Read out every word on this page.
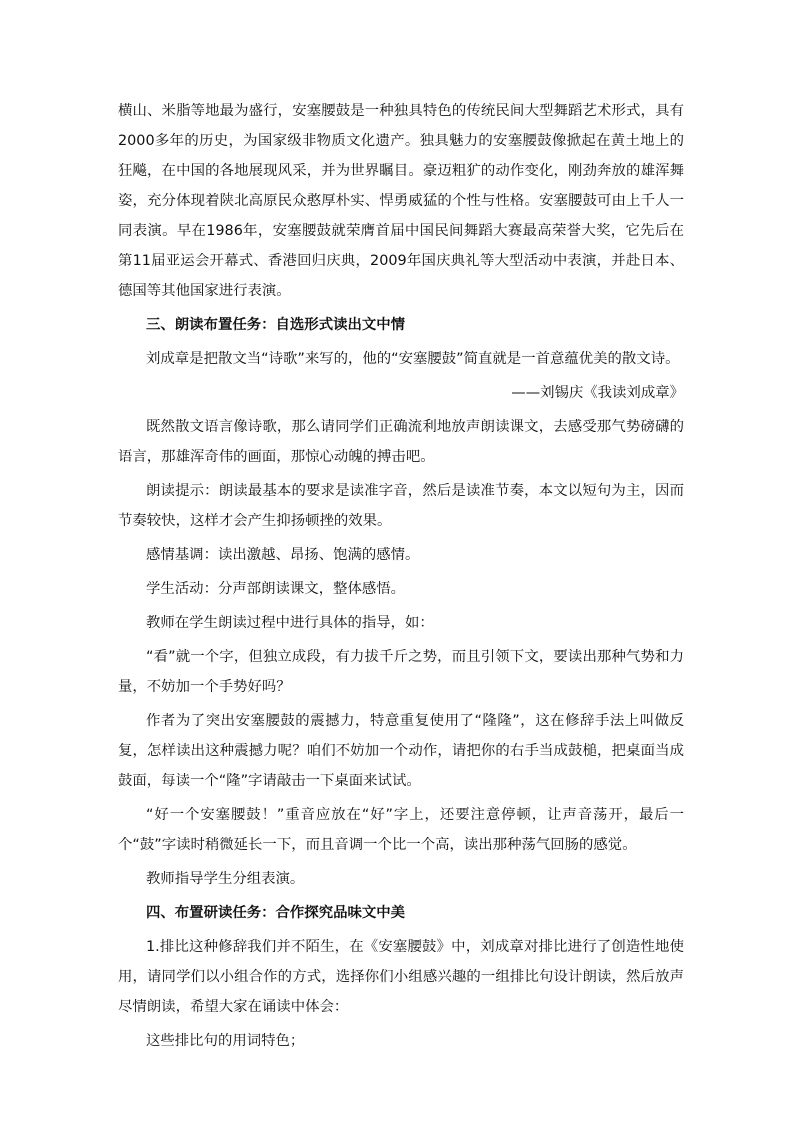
横山、米脂等地最为盛行，安塞腰鼓是一种独具特色的传统民间大型舞蹈艺术形式，具有2000多年的历史，为国家级非物质文化遗产。独具魅力的安塞腰鼓像掀起在黄土地上的狂飚，在中国的各地展现风采，并为世界瞩目。豪迈粗犷的动作变化，刚劲奔放的雄浑舞姿，充分体现着陕北高原民众憨厚朴实、悍勇威猛的个性与性格。安塞腰鼓可由上千人一同表演。早在1986年，安塞腰鼓就荣膺首届中国民间舞蹈大赛最高荣誉大奖，它先后在第11届亚运会开幕式、香港回归庆典，2009年国庆典礼等大型活动中表演，并赴日本、德国等其他国家进行表演。

三、朗读布置任务：自选形式读出文中情

刘成章是把散文当“诗歌”来写的，他的“安塞腰鼓”简直就是一首意蕴优美的散文诗。

——刘锡庆《我读刘成章》

既然散文语言像诗歌，那么请同学们正确流利地放声朗读课文，去感受那气势磅礴的语言，那雄浑奇伟的画面，那惊心动魄的搏击吧。

朗读提示：朗读最基本的要求是读准字音，然后是读准节奏，本文以短句为主，因而节奏较快，这样才会产生抑扬顿挫的效果。

感情基调：读出激越、昂扬、饱满的感情。

学生活动：分声部朗读课文，整体感悟。

教师在学生朗读过程中进行具体的指导，如：

“看”就一个字，但独立成段，有力拔千斤之势，而且引领下文，要读出那种气势和力量，不妨加一个手势好吗？

作者为了突出安塞腰鼓的震撼力，特意重复使用了“隆隆”，这在修辞手法上叫做反复，怎样读出这种震撼力呢？咱们不妨加一个动作，请把你的右手当成鼓槌，把桌面当成鼓面，每读一个“隆”字请敲击一下桌面来试试。

“好一个安塞腰鼓！”重音应放在“好”字上，还要注意停顿，让声音荡开，最后一个“鼓”字读时稍微延长一下，而且音调一个比一个高，读出那种荡气回肠的感觉。

教师指导学生分组表演。

四、布置研读任务：合作探究品味文中美

1.排比这种修辞我们并不陌生，在《安塞腰鼓》中，刘成章对排比进行了创造性地使用，请同学们以小组合作的方式，选择你们小组感兴趣的一组排比句设计朗读，然后放声尽情朗读，希望大家在诵读中体会：

这些排比句的用词特色；
